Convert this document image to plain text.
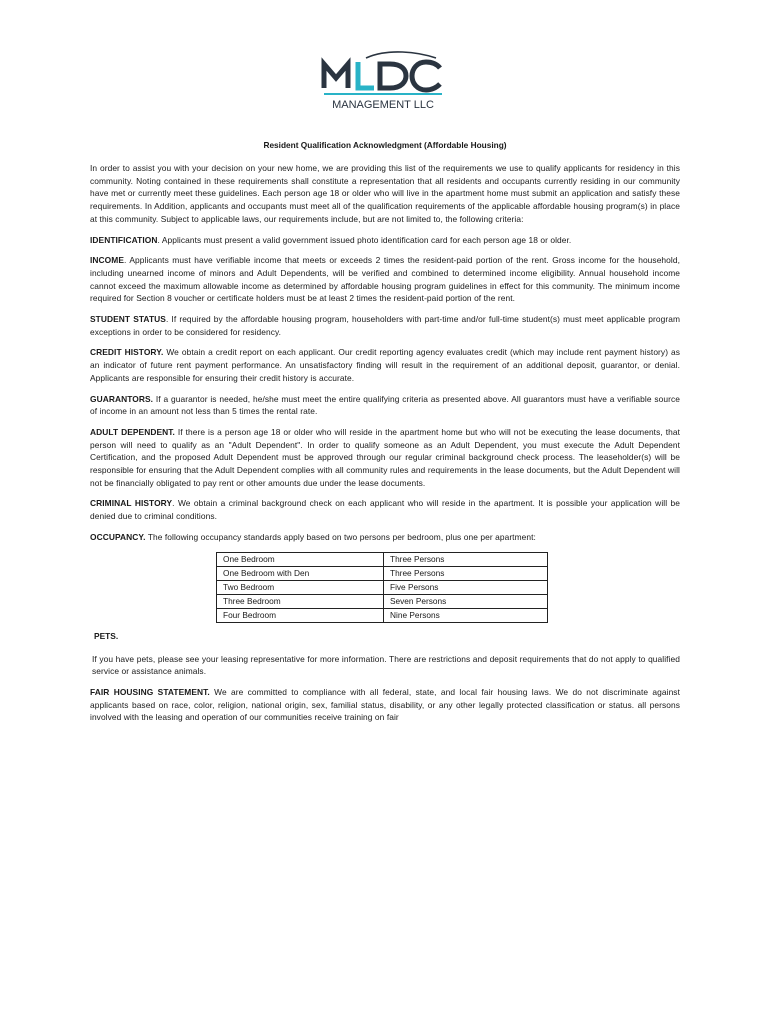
MANAGEMENT LLC
Resident Qualification Acknowledgment (Affordable Housing)

In order to assist you with your decision on your new home, we are providing this list of the requirements we use to qualify applicants for residency in this community. Noting contained in these requirements shall constitute a representation that all residents and occupants currently residing in our community have met or currently meet these guidelines. Each person age 18 or older who will live in the apartment home must submit an application and satisfy these requirements. In Addition, applicants and occupants must meet all of the qualification requirements of the applicable affordable housing program(s) in place at this community. Subject to applicable laws, our requirements include, but are not limited to, the following criteria:

IDENTIFICATION. Applicants must present a valid government issued photo identification card for each person age 18 or older.

INCOME. Applicants must have verifiable income that meets or exceeds 2 times the resident-paid portion of the rent. Gross income for the household, including unearned income of minors and Adult Dependents, will be verified and combined to determined income eligibility. Annual household income cannot exceed the maximum allowable income as determined by affordable housing program guidelines in effect for this community. The minimum income required for Section 8 voucher or certificate holders must be at least 2 times the resident-paid portion of the rent.

STUDENT STATUS. If required by the affordable housing program, householders with part-time and/or full-time student(s) must meet applicable program exceptions in order to be considered for residency.

CREDIT HISTORY. We obtain a credit report on each applicant. Our credit reporting agency evaluates credit (which may include rent payment history) as an indicator of future rent payment performance. An unsatisfactory finding will result in the requirement of an additional deposit, guarantor, or denial. Applicants are responsible for ensuring their credit history is accurate.

GUARANTORS. If a guarantor is needed, he/she must meet the entire qualifying criteria as presented above. All guarantors must have a verifiable source of income in an amount not less than 5 times the rental rate.

ADULT DEPENDENT. If there is a person age 18 or older who will reside in the apartment home but who will not be executing the lease documents, that person will need to qualify as an "Adult Dependent". In order to qualify someone as an Adult Dependent, you must execute the Adult Dependent Certification, and the proposed Adult Dependent must be approved through our regular criminal background check process. The leaseholder(s) will be responsible for ensuring that the Adult Dependent complies with all community rules and requirements in the lease documents, but the Adult Dependent will not be financially obligated to pay rent or other amounts due under the lease documents.

CRIMINAL HISTORY. We obtain a criminal background check on each applicant who will reside in the apartment. It is possible your application will be denied due to criminal conditions.

OCCUPANCY. The following occupancy standards apply based on two persons per bedroom, plus one per apartment:

One Bedroom	Three Persons
One Bedroom with Den	Three Persons
Two Bedroom	Five Persons
Three Bedroom	Seven Persons
Four Bedroom	Nine Persons
PETS.

If you have pets, please see your leasing representative for more information. There are restrictions and deposit requirements that do not apply to qualified service or assistance animals.

FAIR HOUSING STATEMENT. We are committed to compliance with all federal, state, and local fair housing laws. We do not discriminate against applicants based on race, color, religion, national origin, sex, familial status, disability, or any other legally protected classification or status. all persons involved with the leasing and operation of our communities receive training on fair
